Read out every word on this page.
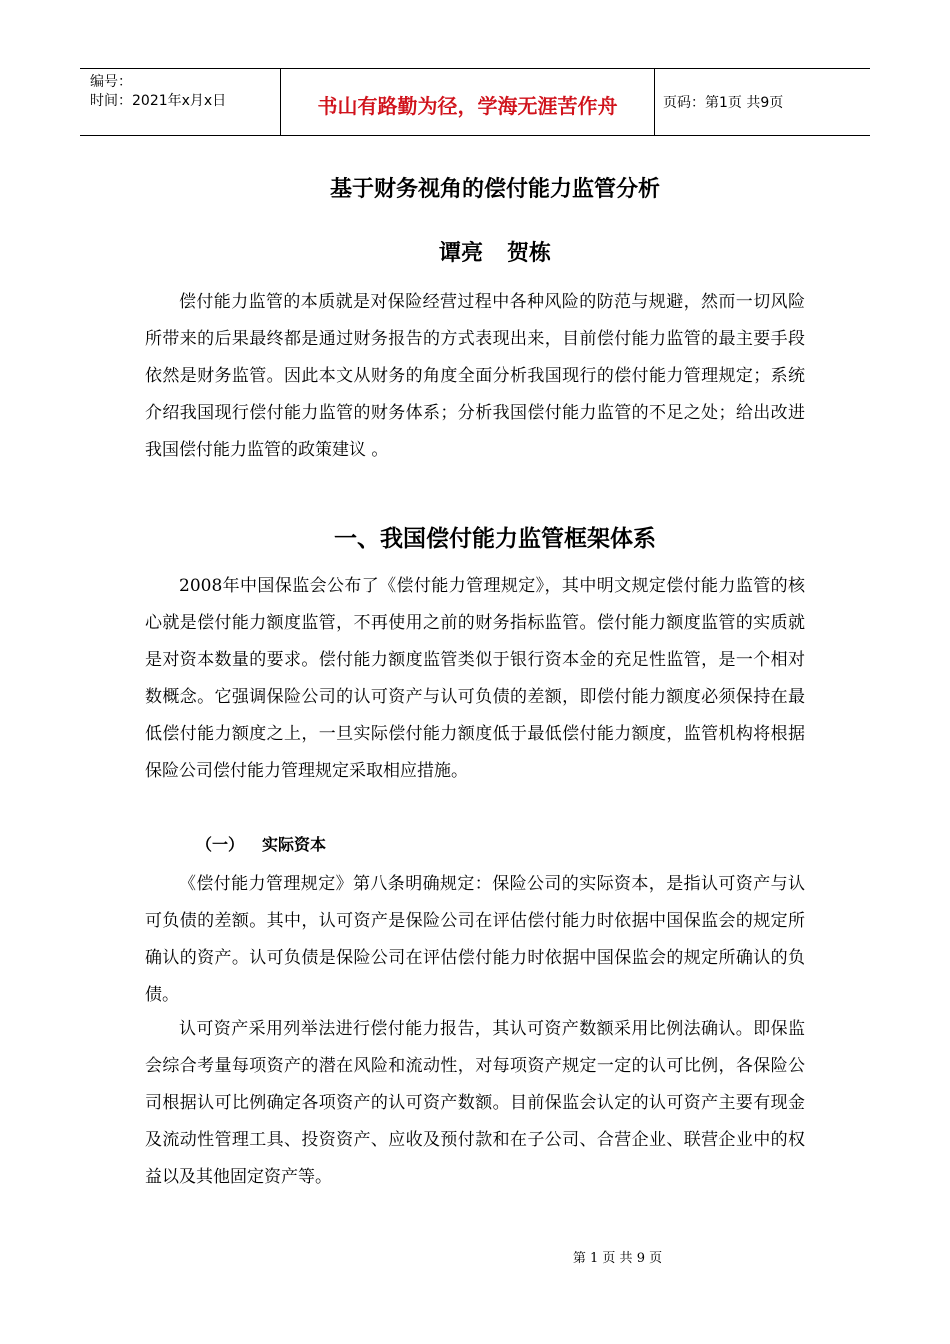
编号：
时间：2021年x月x日	书山有路勤为径，学海无涯苦作舟	页码：第1页 共9页
基于财务视角的偿付能力监管分析
谭亮 贺栋

偿付能力监管的本质就是对保险经营过程中各种风险的防范与规避，然而一切风险所带来的后果最终都是通过财务报告的方式表现出来，目前偿付能力监管的最主要手段依然是财务监管。因此本文从财务的角度全面分析我国现行的偿付能力管理规定；系统介绍我国现行偿付能力监管的财务体系；分析我国偿付能力监管的不足之处；给出改进我国偿付能力监管的政策建议 。

一、我国偿付能力监管框架体系

2008年中国保监会公布了《偿付能力管理规定》，其中明文规定偿付能力监管的核心就是偿付能力额度监管，不再使用之前的财务指标监管。偿付能力额度监管的实质就是对资本数量的要求。偿付能力额度监管类似于银行资本金的充足性监管，是一个相对数概念。它强调保险公司的认可资产与认可负债的差额，即偿付能力额度必须保持在最低偿付能力额度之上，一旦实际偿付能力额度低于最低偿付能力额度，监管机构将根据保险公司偿付能力管理规定采取相应措施。

（一） 实际资本

《偿付能力管理规定》第八条明确规定：保险公司的实际资本，是指认可资产与认可负债的差额。其中，认可资产是保险公司在评估偿付能力时依据中国保监会的规定所确认的资产。认可负债是保险公司在评估偿付能力时依据中国保监会的规定所确认的负债。

认可资产采用列举法进行偿付能力报告，其认可资产数额采用比例法确认。即保监会综合考量每项资产的潜在风险和流动性，对每项资产规定一定的认可比例，各保险公司根据认可比例确定各项资产的认可资产数额。目前保监会认定的认可资产主要有现金及流动性管理工具、投资资产、应收及预付款和在子公司、合营企业、联营企业中的权益以及其他固定资产等。

第 1 页 共 9 页
